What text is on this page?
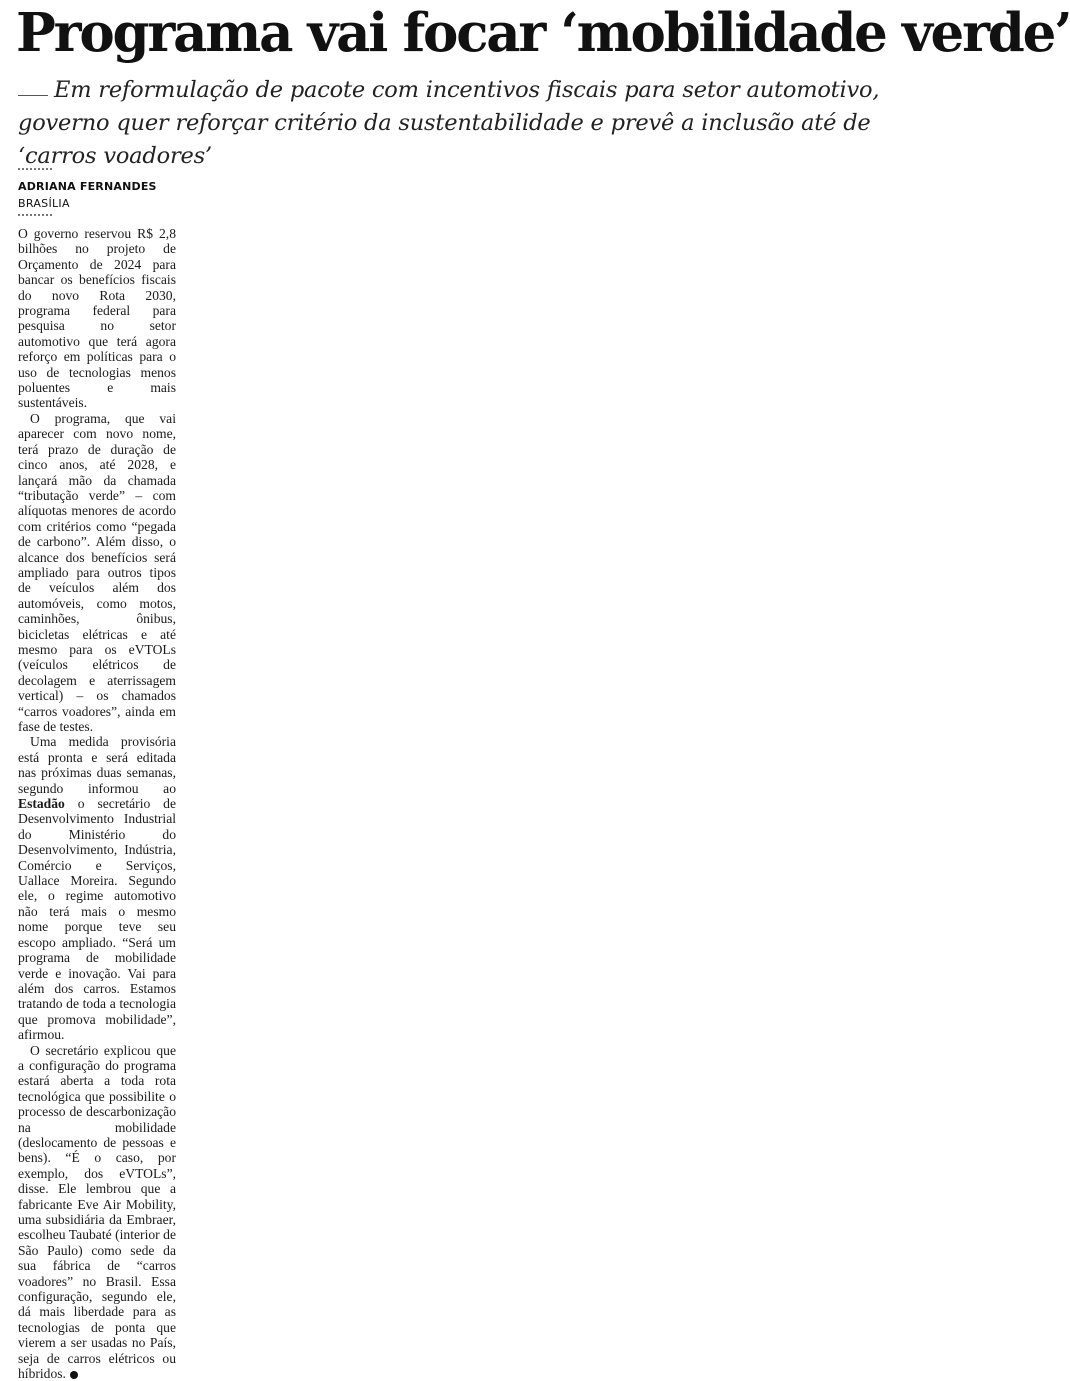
Programa vai focar ‘mobilidade verde’
Em reformulação de pacote com incentivos fiscais para setor automotivo, governo quer reforçar critério da sustentabilidade e prevê a inclusão até de ‘carros voadores’
ADRIANA FERNANDES
BRASÍLIA

O governo reservou R$ 2,8 bilhões no projeto de Orçamento de 2024 para bancar os benefícios fiscais do novo Rota 2030, programa federal para pesquisa no setor automotivo que terá agora reforço em políticas para o uso de tecnologias menos poluentes e mais sustentáveis.

O programa, que vai aparecer com novo nome, terá prazo de duração de cinco anos, até 2028, e lançará mão da chamada “tributação verde” – com alíquotas menores de acordo com critérios como “pegada de carbono”. Além disso, o alcance dos benefícios será ampliado para outros tipos de veículos além dos automóveis, como motos, caminhões, ônibus, bicicletas elétricas e até mesmo para os eVTOLs (veículos elétricos de decolagem e aterrissagem vertical) – os chamados “carros voadores”, ainda em fase de testes.

Uma medida provisória está pronta e será editada nas próximas duas semanas, segundo informou ao Estadão o secretário de Desenvolvimento Industrial do Ministério do Desenvolvimento, Indústria, Comércio e Serviços, Uallace Moreira. Segundo ele, o regime automotivo não terá mais o mesmo nome porque teve seu escopo ampliado. “Será um programa de mobilidade verde e inovação. Vai para além dos carros. Estamos tratando de toda a tecnologia que promova mobilidade”, afirmou.

O secretário explicou que a configuração do programa estará aberta a toda rota tecnológica que possibilite o processo de descarbonização na mobilidade (deslocamento de pessoas e bens). “É o caso, por exemplo, dos eVTOLs”, disse. Ele lembrou que a fabricante Eve Air Mobility, uma subsidiária da Embraer, escolheu Taubaté (interior de São Paulo) como sede da sua fábrica de “carros voadores” no Brasil. Essa configuração, segundo ele, dá mais liberdade para as tecnologias de ponta que vierem a ser usadas no País, seja de carros elétricos ou híbridos.
